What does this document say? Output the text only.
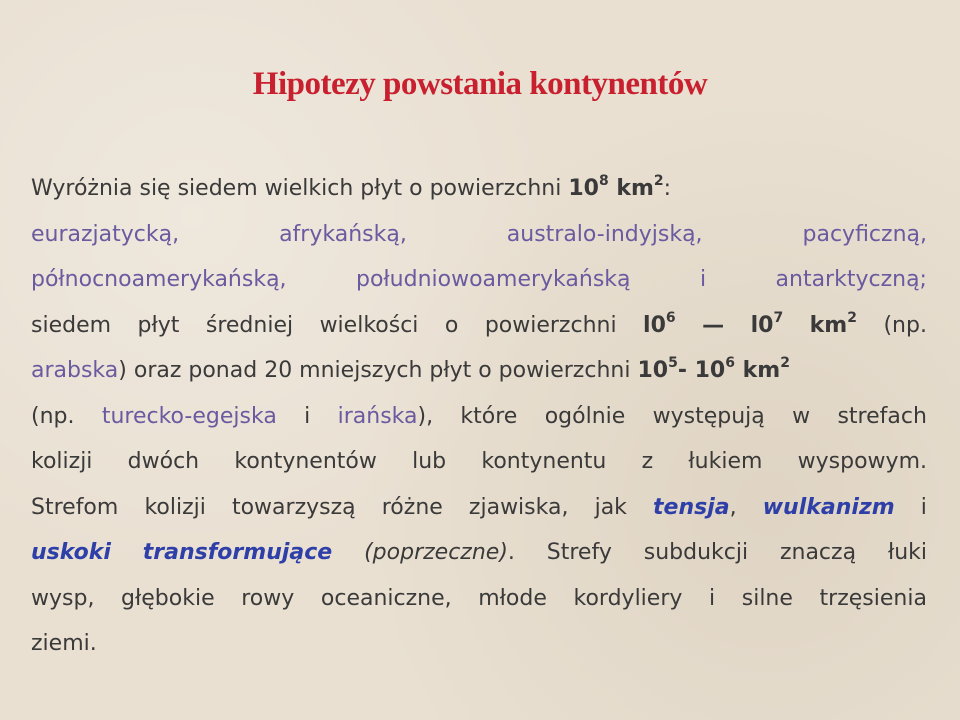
Hipotezy powstania kontynentów
Wyróżnia się siedem wielkich płyt o powierzchni $10^8$ $km^2$:
eurazjatycką,	afrykańską,	australo-indyjską,	pacyficzną,
północnoamerykańską,	południowoamerykańską	i	antarktyczną;
siedem płyt średniej wielkości o powierzchni $l0^6$ — $l0^7$ $km^2$ (np.
arabska) oraz ponad 20 mniejszych płyt o powierzchni $10^5-$ $10^6$ $km^2$
(np. turecko-egejska i irańska), które ogólnie występują w strefach
kolizji dwóch kontynentów lub kontynentu z łukiem wyspowym.
Strefom kolizji towarzyszą różne zjawiska, jak tensja, wulkanizm i
uskoki transformujące (poprzeczne). Strefy subdukcji znaczą łuki
wysp, głębokie rowy oceaniczne, młode kordyliery i silne trzęsienia
ziemi.
